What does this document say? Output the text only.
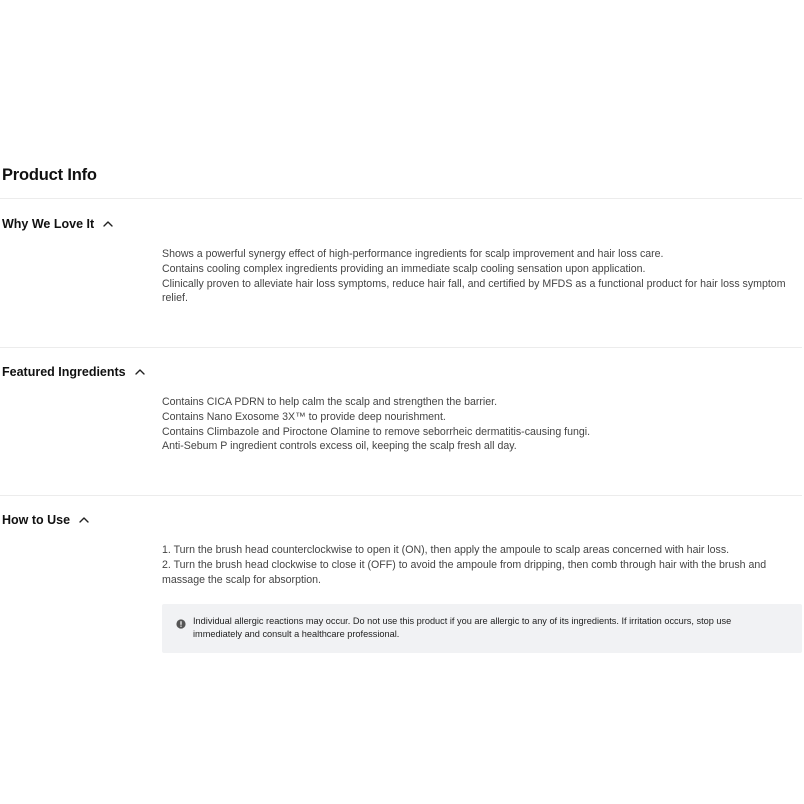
Product Info
Why We Love It

Shows a powerful synergy effect of high-performance ingredients for scalp improvement and hair loss care.

Contains cooling complex ingredients providing an immediate scalp cooling sensation upon application.

Clinically proven to alleviate hair loss symptoms, reduce hair fall, and certified by MFDS as a functional product for hair loss symptom relief.

Featured Ingredients

Contains CICA PDRN to help calm the scalp and strengthen the barrier.

Contains Nano Exosome 3X™ to provide deep nourishment.

Contains Climbazole and Piroctone Olamine to remove seborrheic dermatitis-causing fungi.

Anti-Sebum P ingredient controls excess oil, keeping the scalp fresh all day.

How to Use

1. Turn the brush head counterclockwise to open it (ON), then apply the ampoule to scalp areas concerned with hair loss.

2. Turn the brush head clockwise to close it (OFF) to avoid the ampoule from dripping, then comb through hair with the brush and massage the scalp for absorption.

Individual allergic reactions may occur. Do not use this product if you are allergic to any of its ingredients. If irritation occurs, stop use immediately and consult a healthcare professional.
